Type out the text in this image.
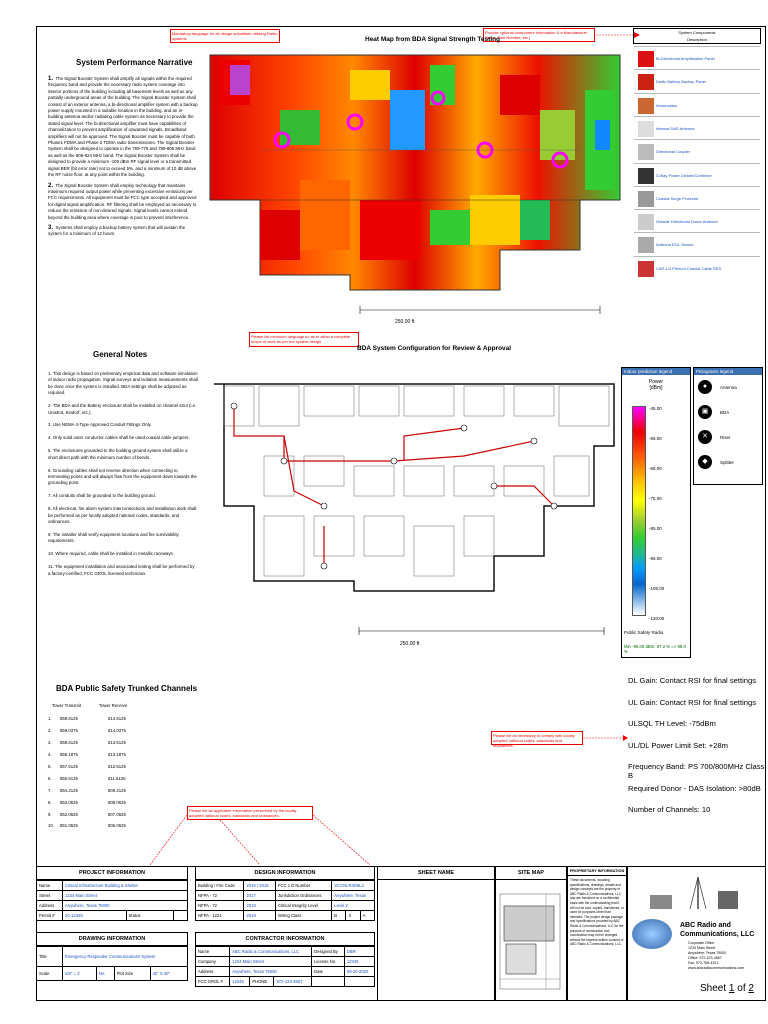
Mandatory language for all design submittals utilizing Radio systems
Provide optional component information & a Manufacturer Name, Part Number, etc.)
System Performance Narrative

1. The Signal Booster System shall amplify all signals within the required frequency band and provide the necessary radio system coverage into interior portions of the building including all basement levels as well as any partially underground areas of the building. The Signal Booster System shall consist of an exterior antenna, a bi-directional amplifier system with a backup power supply mounted in a suitable location in the building, and an in-building antenna and/or radiating cable system as necessary to provide the stated signal level. The bi-directional amplifier must have capabilities of channelization to prevent amplification of unwanted signals. Broadband amplifiers will not be approved. The Signal Booster must be capable of both Phase1 FDMA and Phase 2 TDMA radio transmissions. The Signal Booster System shall be designed to operate in the 769-775 and 799-805 MHz band as well as the 806-824 MHz band. The Signal Booster System shall be designed to provide a minimum -100 dBm RF signal level or a transmitted signal BER (bit error rate) not to exceed 5%, and a minimum of 10 dB above the RF noise floor, at any point within the building.

2. The Signal Booster System shall employ technology that maintains maximum required output power while preventing excessive emissions per FCC requirements. All equipment must be FCC type accepted and approved for digital signal amplification. RF filtering shall be employed as necessary to reduce the emission of non-desired signals. Signal levels cannot extend beyond the building area where coverage is poor to prevent interference.

3. Systems shall employ a backup battery system that will sustain the system for a minimum of 12 hours.

Heat Map from BDA Signal Strength Testing
250.00 ft
System Components
Description
Bi-Directional Amplification Panel
Dedic Battery Backup Panel
Annunciator
Internal DAS Antenna
Directional Coupler
3-Way Power Divider/Combiner
Coaxial Surge Protector
Outside Directional Donor Antenna
Antenna EOL Sensor
CAP-1/4 Plenum Coaxial Cable RED
General Notes
Please list minimum language so as to allow a complete scope of work as per the system design

1. This design is based on preliminary empirical data and software simulation of indoor radio propagation. Signal surveys and isolation measurements shall be done once the system is installed. BDA settings shall be adjusted as required.

2. The BDA and the Battery enclosure shall be installed on channel strut (i.e. Unistrut, Kindorf, etc.).

3. Use NEMA 4-Type Approved Conduit Fittings Only.

4. Only solid outer conductor cables shall be used coaxial cable jumpers.

5. The enclosures grounded to the building ground system shall utilize a short direct path with the minimum number of bends.

6. Grounding cables shall not reverse direction when connecting to terminating points and will always flow from the equipment down towards the grounding point.

7. All conduits shall be grounded to the building ground.

8. All electrical, fire alarm system interconnections and installation work shall be performed as per locally adopted national codes, standards, and ordinances.

9. The installer shall verify equipment locations and fire survivability requirements.

10. Where required, cable shall be installed in metallic raceways.

11. The equipment installation and associated testing shall be performed by a factory-certified, FCC GROL licensed technician.

BDA System Configuration for Review & Approval
250.00 ft
Indoor prediction legend
Power
[dBm]
-45.00
-55.00
-65.00
-75.00
-85.00
-95.00
-105.00
-120.00
Public Safety Radio
Min -95.00 dBm: 97.2 % => 99.0 %
Pictograms legend
●	Antenna
▣	BDA
✕	Riser
◆	Splitter
BDA Public Safety Trunked Channels
Tower Transmit	Tower Receive
1.	859.6125	814.6125
2.	859.0375	814.0375
3.	858.6125	813.6125
4.	858.1875	813.1875
5.	857.6125	812.6125
6.	856.6125	811.6125
7.	854.2125	809.2125
8.	853.0625	808.0625
9.	852.0625	807.0625
10.	851.0625	806.0625
Please list all applicable information prescribed by the locally adopted national codes, standards and ordinances.
Please list as necessary to comply with locally adopted national codes, standards and ordinances.
DL Gain: Contact RSI for final settings
UL Gain: Contact RSI for final settings
ULSQL TH Level: -75dBm
UL/DL Power Limit Set: +28m
Frequency Band: PS 700/800MHz Class B
Required Donor - DAS Isolation: >80dB
Number of Channels: 10
PROJECT INFORMATION
Name	Critical Infrastructure Building & Shelter		
Street	1234 Main Street		
Address	Anywhere, Texas 75000		
Permit #	20-12345	Status	
DRAWING INFORMATION
Title	Emergency Responder Communications System			
Scale	1/8" = 1'	NA	Plot Size	42" X 30"
DESIGN INFORMATION
Building / Fire Code	2015 / 2015	FCC 1 D Number	SCCNLR3D9L2		
NFPA - 72	2017	Jurisdiction Ordinances	Anywhere, Texas		
NFPA - 72	2019	Critical Integrity Level	Level 2		
NFPA - 1221	2019	Wiring Class	B	X	A
CONTRACTOR INFORMATION
Name	ABC Radio & Communications, LLC			Designed By	DBR
Company	1234 Main Street			License No.	12345
Address	Anywhere, Texas 75000			Date	08-20-2020
FCC GROL #	12345	PHONE	972-123-4567		
SHEET NAME	SITE MAP	PROPRIETARY INFORMATION
These documents, including specifications, drawings, details and design concepts are the property of ABC Radio & Communications, LLC and are furnished on a confidential basis with the understanding that it will not be sold, copied, transferred, or used for purposes other than intended. The project design package and specifications provided by ABC Radio & Communications, LLC for the purpose of construction and coordination may not be changed without the express written consent of ABC Radio & Communications, LLC.
ABC Radio and Communications, LLC
Corporate Office
1234 Main Street
Anywhere, Texas 75000
Office: 972-123-4567
Fax: 972-765-4321
www.abcradiocommunications.com
Sheet 1 of 2
